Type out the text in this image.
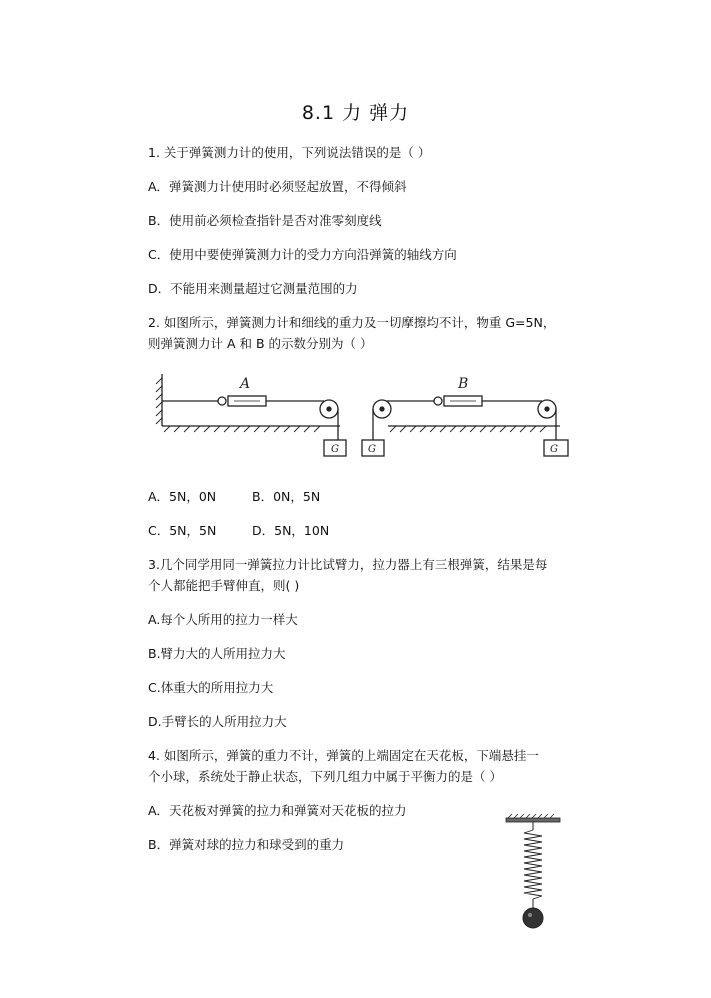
8.1 力 弹力
1. 关于弹簧测力计的使用，下列说法错误的是（ ）
A．弹簧测力计使用时必须竖起放置，不得倾斜
B．使用前必须检查指针是否对准零刻度线
C．使用中要使弹簧测力计的受力方向沿弹簧的轴线方向
D．不能用来测量超过它测量范围的力
2. 如图所示，弹簧测力计和细线的重力及一切摩擦均不计，物重 G=5N，
则弹簧测力计 A 和 B 的示数分别为（ ）
A	B
G	G	G
A．5N，0N	B．0N，5N
C．5N，5N	D．5N，10N
3.几个同学用同一弹簧拉力计比试臂力，拉力器上有三根弹簧，结果是每
个人都能把手臂伸直，则( )
A.每个人所用的拉力一样大
B.臂力大的人所用拉力大
C.体重大的所用拉力大
D.手臂长的人所用拉力大
4. 如图所示，弹簧的重力不计，弹簧的上端固定在天花板，下端悬挂一
个小球，系统处于静止状态，下列几组力中属于平衡力的是（ ）
A．天花板对弹簧的拉力和弹簧对天花板的拉力
B．弹簧对球的拉力和球受到的重力
